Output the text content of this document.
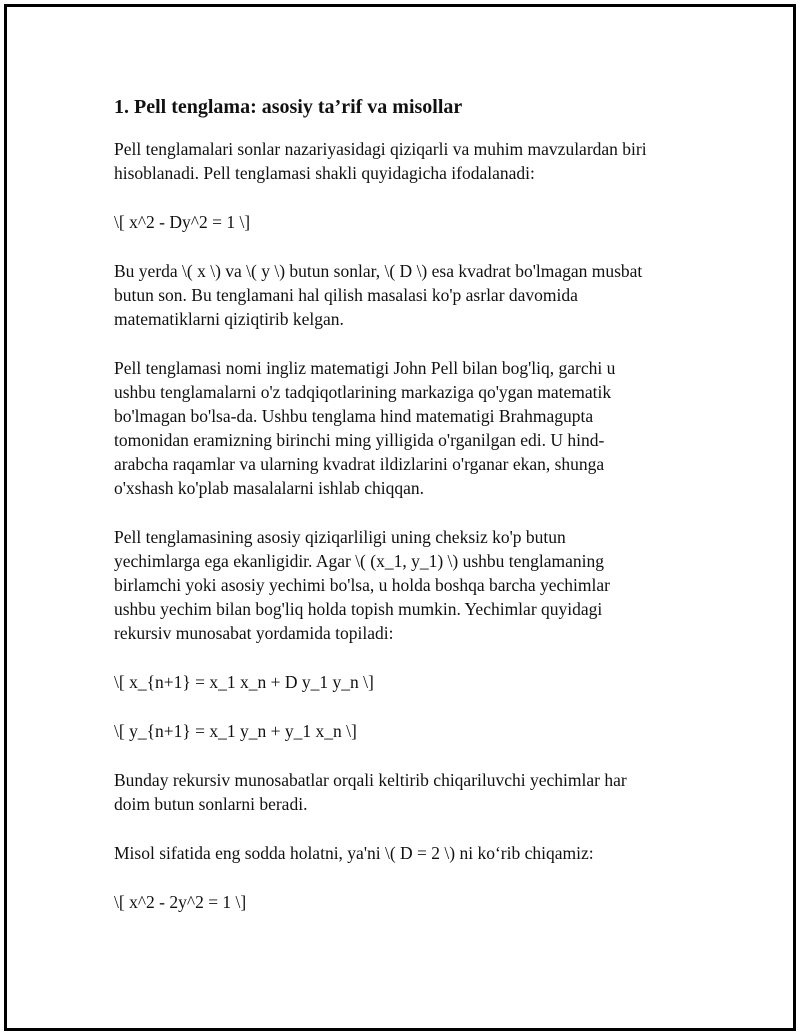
1. Pell tenglama: asosiy ta’rif va misollar

Pell tenglamalari sonlar nazariyasidagi qiziqarli va muhim mavzulardan biri
hisoblanadi. Pell tenglamasi shakli quyidagicha ifodalanadi:

\[ x^2 - Dy^2 = 1 \]

Bu yerda \( x \) va \( y \) butun sonlar, \( D \) esa kvadrat bo'lmagan musbat
butun son. Bu tenglamani hal qilish masalasi ko'p asrlar davomida
matematiklarni qiziqtirib kelgan.

Pell tenglamasi nomi ingliz matematigi John Pell bilan bog'liq, garchi u
ushbu tenglamalarni o'z tadqiqotlarining markaziga qo'ygan matematik
bo'lmagan bo'lsa-da. Ushbu tenglama hind matematigi Brahmagupta
tomonidan eramizning birinchi ming yilligida o'rganilgan edi. U hind-
arabcha raqamlar va ularning kvadrat ildizlarini o'rganar ekan, shunga
o'xshash ko'plab masalalarni ishlab chiqqan.

Pell tenglamasining asosiy qiziqarliligi uning cheksiz ko'p butun
yechimlarga ega ekanligidir. Agar \( (x_1, y_1) \) ushbu tenglamaning
birlamchi yoki asosiy yechimi bo'lsa, u holda boshqa barcha yechimlar
ushbu yechim bilan bog'liq holda topish mumkin. Yechimlar quyidagi
rekursiv munosabat yordamida topiladi:

\[ x_{n+1} = x_1 x_n + D y_1 y_n \]

\[ y_{n+1} = x_1 y_n + y_1 x_n \]

Bunday rekursiv munosabatlar orqali keltirib chiqariluvchi yechimlar har
doim butun sonlarni beradi.

Misol sifatida eng sodda holatni, ya'ni \( D = 2 \) ni ko‘rib chiqamiz:

\[ x^2 - 2y^2 = 1 \]
